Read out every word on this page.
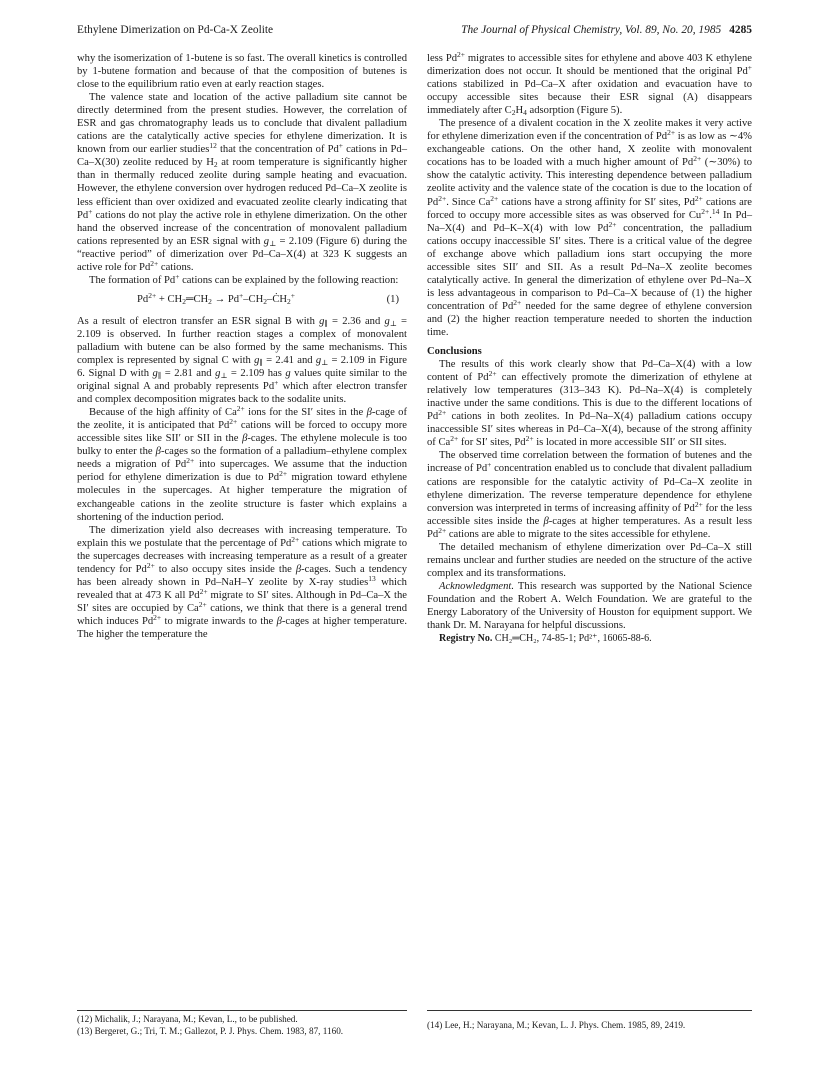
Ethylene Dimerization on Pd-Ca-X Zeolite	The Journal of Physical Chemistry, Vol. 89, No. 20, 1985 4285

why the isomerization of 1-butene is so fast. The overall kinetics is controlled by 1-butene formation and because of that the composition of butenes is close to the equilibrium ratio even at early reaction stages.

The valence state and location of the active palladium site cannot be directly determined from the present studies. However, the correlation of ESR and gas chromatography leads us to conclude that divalent palladium cations are the catalytically active species for ethylene dimerization. It is known from our earlier studies$^{12}$ that the concentration of Pd+ cations in Pd–Ca–X(30) zeolite reduced by $H_2$ at room temperature is significantly higher than in thermally reduced zeolite during sample heating and evacuation. However, the ethylene conversion over hydrogen reduced Pd–Ca–X zeolite is less efficient than over oxidized and evacuated zeolite clearly indicating that Pd+ cations do not play the active role in ethylene dimerization. On the other hand the observed increase of the concentration of monovalent palladium cations represented by an ESR signal with $g_\perp = 2.109$ (Figure 6) during the “reactive period” of dimerization over Pd–Ca–X(4) at 323 K suggests an active role for $Pd^{2+}$ cations.

The formation of Pd+ cations can be explained by the following reaction:

$Pd^{2+}$ + $CH_2═CH_2$ → $Pd^+-CH_2-ĊH_2^+$	(1)

As a result of electron transfer an ESR signal B with $g_\parallel = 2.36$ and $g_\perp = 2.109$ is observed. In further reaction stages a complex of monovalent palladium with butene can be also formed by the same mechanisms. This complex is represented by signal C with $g_\parallel = 2.41$ and $g_\perp = 2.109$ in Figure 6. Signal D with $g_\parallel = 2.81$ and $g_\perp = 2.109$ has g values quite similar to the original signal A and probably represents Pd+ which after electron transfer and complex decomposition migrates back to the sodalite units.

Because of the high affinity of $Ca^{2+}$ ions for the SI′ sites in the β-cage of the zeolite, it is anticipated that $Pd^{2+}$ cations will be forced to occupy more accessible sites like SII′ or SII in the β-cages. The ethylene molecule is too bulky to enter the β-cages so the formation of a palladium–ethylene complex needs a migration of $Pd^{2+}$ into supercages. We assume that the induction period for ethylene dimerization is due to $Pd^{2+}$ migration toward ethylene molecules in the supercages. At higher temperature the migration of exchangeable cations in the zeolite structure is faster which explains a shortening of the induction period.

The dimerization yield also decreases with increasing temperature. To explain this we postulate that the percentage of $Pd^{2+}$ cations which migrate to the supercages decreases with increasing temperature as a result of a greater tendency for $Pd^{2+}$ to also occupy sites inside the β-cages. Such a tendency has been already shown in Pd–NaH–Y zeolite by X-ray studies$^{13}$ which revealed that at 473 K all $Pd^{2+}$ migrate to SI′ sites. Although in Pd–Ca–X the SI′ sites are occupied by $Ca^{2+}$ cations, we think that there is a general trend which induces $Pd^{2+}$ to migrate inwards to the β-cages at higher temperature. The higher the temperature the

less $Pd^{2+}$ migrates to accessible sites for ethylene and above 403 K ethylene dimerization does not occur. It should be mentioned that the original Pd+ cations stabilized in Pd–Ca–X after oxidation and evacuation have to occupy accessible sites because their ESR signal (A) disappears immediately after $C_2H_4$ adsorption (Figure 5).

The presence of a divalent cocation in the X zeolite makes it very active for ethylene dimerization even if the concentration of $Pd^{2+}$ is as low as ∼4% exchangeable cations. On the other hand, X zeolite with monovalent cocations has to be loaded with a much higher amount of $Pd^{2+}$ (∼30%) to show the catalytic activity. This interesting dependence between palladium zeolite activity and the valence state of the cocation is due to the location of $Pd^{2+}$. Since $Ca^{2+}$ cations have a strong affinity for SI′ sites, $Pd^{2+}$ cations are forced to occupy more accessible sites as was observed for $Cu^{2+}.^{14}$ In Pd–Na–X(4) and Pd–K–X(4) with low $Pd^{2+}$ concentration, the palladium cations occupy inaccessible SI′ sites. There is a critical value of the degree of exchange above which palladium ions start occupying the more accessible sites SII′ and SII. As a result Pd–Na–X zeolite becomes catalytically active. In general the dimerization of ethylene over Pd–Na–X is less advantageous in comparison to Pd–Ca–X because of (1) the higher concentration of $Pd^{2+}$ needed for the same degree of ethylene conversion and (2) the higher reaction temperature needed to shorten the induction time.

Conclusions

The results of this work clearly show that Pd–Ca–X(4) with a low content of $Pd^{2+}$ can effectively promote the dimerization of ethylene at relatively low temperatures (313–343 K). Pd–Na–X(4) is completely inactive under the same conditions. This is due to the different locations of $Pd^{2+}$ cations in both zeolites. In Pd–Na–X(4) palladium cations occupy inaccessible SI′ sites whereas in Pd–Ca–X(4), because of the strong affinity of $Ca^{2+}$ for SI′ sites, $Pd^{2+}$ is located in more accessible SII′ or SII sites.

The observed time correlation between the formation of butenes and the increase of Pd+ concentration enabled us to conclude that divalent palladium cations are responsible for the catalytic activity of Pd–Ca–X zeolite in ethylene dimerization. The reverse temperature dependence for ethylene conversion was interpreted in terms of increasing affinity of $Pd^{2+}$ for the less accessible sites inside the β-cages at higher temperatures. As a result less $Pd^{2+}$ cations are able to migrate to the sites accessible for ethylene.

The detailed mechanism of ethylene dimerization over Pd–Ca–X still remains unclear and further studies are needed on the structure of the active complex and its transformations.

Acknowledgment. This research was supported by the National Science Foundation and the Robert A. Welch Foundation. We are grateful to the Energy Laboratory of the University of Houston for equipment support. We thank Dr. M. Narayana for helpful discussions.

Registry No. CH₂═CH₂, 74-85-1; Pd²⁺, 16065-88-6.

(12) Michalik, J.; Narayana, M.; Kevan, L., to be published.
(13) Bergeret, G.; Tri, T. M.; Gallezot, P. J. Phys. Chem. 1983, 87, 1160.
(14) Lee, H.; Narayana, M.; Kevan, L. J. Phys. Chem. 1985, 89, 2419.
